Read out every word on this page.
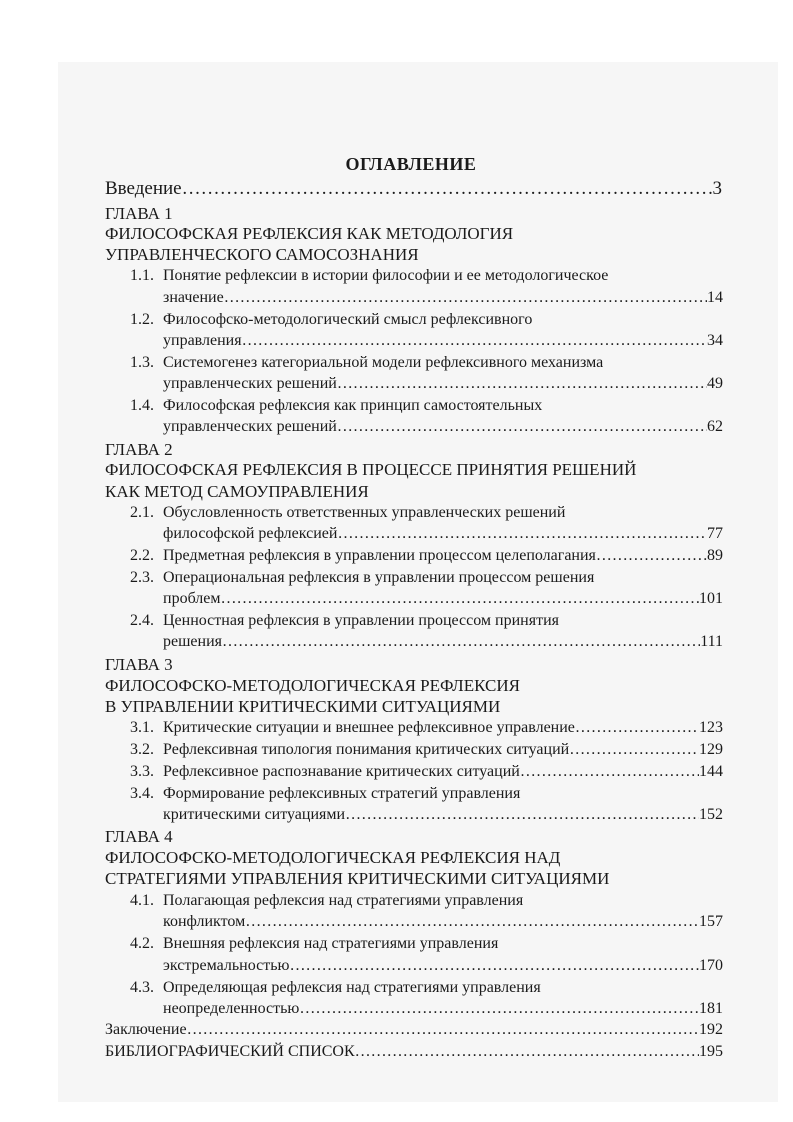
ОГЛАВЛЕНИЕ
Введение ……………………………………………………………………………………………………………………………………………………………………	3
ГЛАВА 1
ФИЛОСОФСКАЯ РЕФЛЕКСИЯ КАК МЕТОДОЛОГИЯ
УПРАВЛЕНЧЕСКОГО САМОСОЗНАНИЯ
1.1. Понятие рефлексии в истории философии и ее методологическое
значение ……………………………………………………………………………………………………………………………………………………………………	14
1.2. Философско-методологический смысл рефлексивного
управления ……………………………………………………………………………………………………………………………………………………………………	34
1.3. Системогенез категориальной модели рефлексивного механизма
управленческих решений ……………………………………………………………………………………………………………………………………………………………………	49
1.4. Философская рефлексия как принцип самостоятельных
управленческих решений ……………………………………………………………………………………………………………………………………………………………………	62
ГЛАВА 2
ФИЛОСОФСКАЯ РЕФЛЕКСИЯ В ПРОЦЕССЕ ПРИНЯТИЯ РЕШЕНИЙ
КАК МЕТОД САМОУПРАВЛЕНИЯ
2.1. Обусловленность ответственных управленческих решений
философской рефлексией ……………………………………………………………………………………………………………………………………………………………………	77
2.2. Предметная рефлексия в управлении процессом целеполагания ……………………………………………………………………………………………………………………………………………………………………	89
2.3. Операциональная рефлексия в управлении процессом решения
проблем ……………………………………………………………………………………………………………………………………………………………………	101
2.4. Ценностная рефлексия в управлении процессом принятия
решения ……………………………………………………………………………………………………………………………………………………………………	111
ГЛАВА 3
ФИЛОСОФСКО-МЕТОДОЛОГИЧЕСКАЯ РЕФЛЕКСИЯ
В УПРАВЛЕНИИ КРИТИЧЕСКИМИ СИТУАЦИЯМИ
3.1. Критические ситуации и внешнее рефлексивное управление ……………………………………………………………………………………………………………………………………………………………………	123
3.2. Рефлексивная типология понимания критических ситуаций ……………………………………………………………………………………………………………………………………………………………………	129
3.3. Рефлексивное распознавание критических ситуаций ……………………………………………………………………………………………………………………………………………………………………	144
3.4. Формирование рефлексивных стратегий управления
критическими ситуациями ……………………………………………………………………………………………………………………………………………………………………	152
ГЛАВА 4
ФИЛОСОФСКО-МЕТОДОЛОГИЧЕСКАЯ РЕФЛЕКСИЯ НАД
СТРАТЕГИЯМИ УПРАВЛЕНИЯ КРИТИЧЕСКИМИ СИТУАЦИЯМИ
4.1. Полагающая рефлексия над стратегиями управления
конфликтом ……………………………………………………………………………………………………………………………………………………………………	157
4.2. Внешняя рефлексия над стратегиями управления
экстремальностью ……………………………………………………………………………………………………………………………………………………………………	170
4.3. Определяющая рефлексия над стратегиями управления
неопределенностью ……………………………………………………………………………………………………………………………………………………………………	181
Заключение ……………………………………………………………………………………………………………………………………………………………………	192
БИБЛИОГРАФИЧЕСКИЙ СПИСОК ……………………………………………………………………………………………………………………………………………………………………	195
